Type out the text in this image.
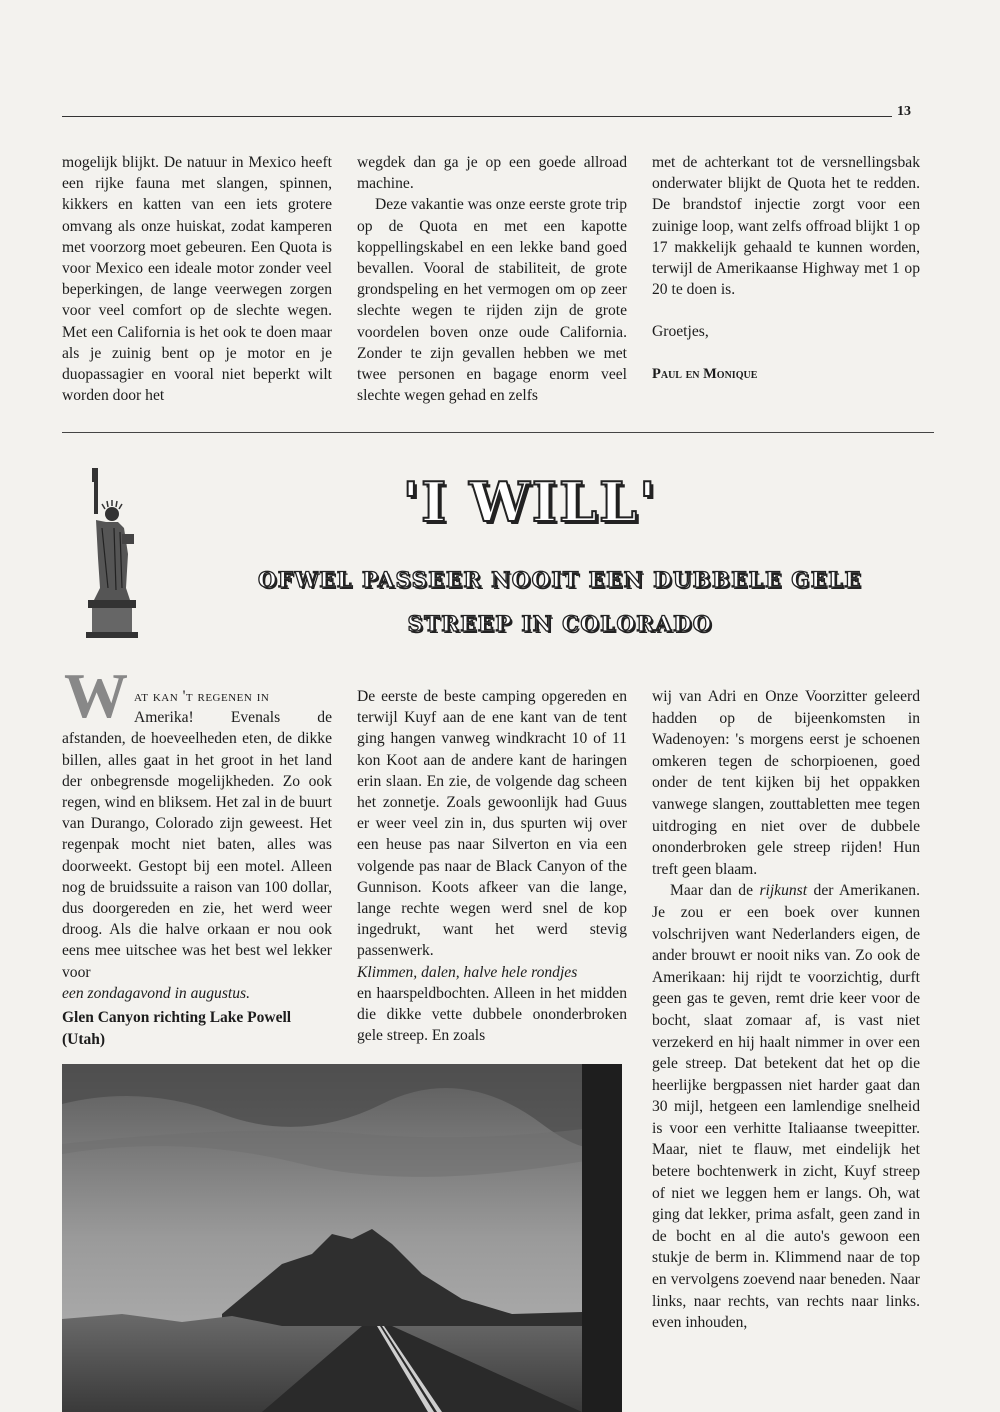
13

mogelijk blijkt. De natuur in Mexico heeft een rijke fauna met slangen, spinnen, kikkers en katten van een iets grotere omvang als onze huiskat, zodat kamperen met voorzorg moet gebeuren. Een Quota is voor Mexico een ideale motor zonder veel beperkingen, de lange veerwegen zorgen voor veel comfort op de slechte wegen. Met een California is het ook te doen maar als je zuinig bent op je motor en je duopassagier en vooral niet beperkt wilt worden door het

wegdek dan ga je op een goede allroad machine.

Deze vakantie was onze eerste grote trip op de Quota en met een kapotte koppellingskabel en een lekke band goed bevallen. Vooral de stabiliteit, de grote grondspeling en het vermogen om op zeer slechte wegen te rijden zijn de grote voordelen boven onze oude California. Zonder te zijn gevallen hebben we met twee personen en bagage enorm veel slechte wegen gehad en zelfs

met de achterkant tot de versnellingsbak onderwater blijkt de Quota het te redden. De brandstof injectie zorgt voor een zuinige loop, want zelfs offroad blijkt 1 op 17 makkelijk gehaald te kunnen worden, terwijl de Amerikaanse Highway met 1 op 20 te doen is.

Groetjes,

Paul en Monique

'I WILL'
OFWEL PASSEER NOOIT EEN DUBBELE GELE
STREEP IN COLORADO
W at kan 't regenen in

Amerika! Evenals de afstanden, de hoeveelheden eten, de dikke billen, alles gaat in het groot in het land der onbegrensde mogelijkheden. Zo ook regen, wind en bliksem. Het zal in de buurt van Durango, Colorado zijn geweest. Het regenpak mocht niet baten, alles was doorweekt. Gestopt bij een motel. Alleen nog de bruidssuite a raison van 100 dollar, dus doorgereden en zie, het werd weer droog. Als die halve orkaan er nou ook eens mee uitschee was het best wel lekker voor

een zondagavond in augustus.

Glen Canyon richting Lake Powell (Utah)

De eerste de beste camping opgereden en terwijl Kuyf aan de ene kant van de tent ging hangen vanweg windkracht 10 of 11 kon Koot aan de andere kant de haringen erin slaan. En zie, de volgende dag scheen het zonnetje. Zoals gewoonlijk had Guus er weer veel zin in, dus spurten wij over een heuse pas naar Silverton en via een volgende pas naar de Black Canyon of the Gunnison. Koots afkeer van die lange, lange rechte wegen werd snel de kop ingedrukt, want het werd stevig passenwerk.

Klimmen, dalen, halve hele rondjes

en haarspeldbochten. Alleen in het midden die dikke vette dubbele ononderbroken gele streep. En zoals

wij van Adri en Onze Voorzitter geleerd hadden op de bijeenkomsten in Wadenoyen: 's morgens eerst je schoenen omkeren tegen de schorpioenen, goed onder de tent kijken bij het oppakken vanwege slangen, zouttabletten mee tegen uitdroging en niet over de dubbele ononderbroken gele streep rijden! Hun treft geen blaam.

Maar dan de rijkunst der Amerikanen. Je zou er een boek over kunnen volschrijven want Nederlanders eigen, de ander brouwt er nooit niks van. Zo ook de Amerikaan: hij rijdt te voorzichtig, durft geen gas te geven, remt drie keer voor de bocht, slaat zomaar af, is vast niet verzekerd en hij haalt nimmer in over een gele streep. Dat betekent dat het op die heerlijke bergpassen niet harder gaat dan 30 mijl, hetgeen een lamlendige snelheid is voor een verhitte Italiaanse tweepitter. Maar, niet te flauw, met eindelijk het betere bochtenwerk in zicht, Kuyf streep of niet we leggen hem er langs. Oh, wat ging dat lekker, prima asfalt, geen zand in de bocht en al die auto's gewoon een stukje de berm in. Klimmend naar de top en vervolgens zoevend naar beneden. Naar links, naar rechts, van rechts naar links. even inhouden,
